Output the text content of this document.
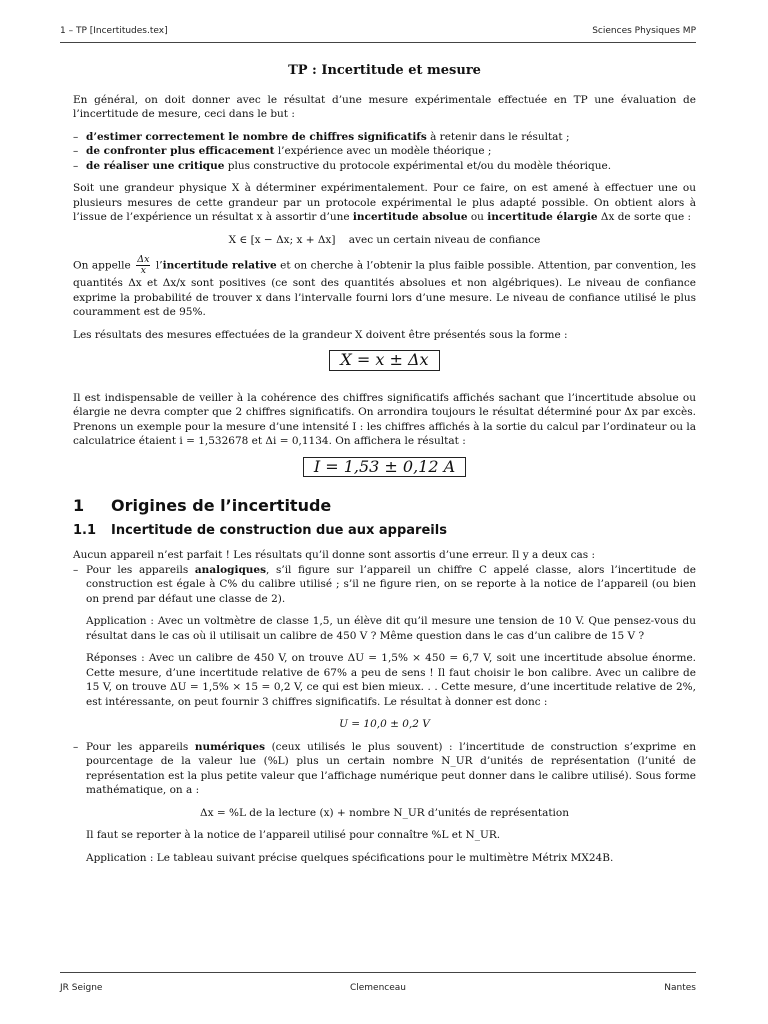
1 – TP [Incertitudes.tex]	Sciences Physiques MP
TP : Incertitude et mesure

En général, on doit donner avec le résultat d’une mesure expérimentale effectuée en TP une évaluation de l’incertitude de mesure, ceci dans le but :

– d’estimer correctement le nombre de chiffres significatifs à retenir dans le résultat ;
– de confronter plus efficacement l’expérience avec un modèle théorique ;
– de réaliser une critique plus constructive du protocole expérimental et/ou du modèle théorique.

Soit une grandeur physique X à déterminer expérimentalement. Pour ce faire, on est amené à effectuer une ou plusieurs mesures de cette grandeur par un protocole expérimental le plus adapté possible. On obtient alors à l’issue de l’expérience un résultat x à assortir d’une incertitude absolue ou incertitude élargie Δx de sorte que :

X ∈ [x − Δx; x + Δx]    avec un certain niveau de confiance

On appelle $\frac{\Delta x}{x}$ l’incertitude relative et on cherche à l’obtenir la plus faible possible. Attention, par convention, les quantités Δx et Δx/x sont positives (ce sont des quantités absolues et non algébriques). Le niveau de confiance exprime la probabilité de trouver x dans l’intervalle fourni lors d’une mesure. Le niveau de confiance utilisé le plus couramment est de 95%.

Les résultats des mesures effectuées de la grandeur X doivent être présentés sous la forme :

X = x ± Δx

Il est indispensable de veiller à la cohérence des chiffres significatifs affichés sachant que l’incertitude absolue ou élargie ne devra compter que 2 chiffres significatifs. On arrondira toujours le résultat déterminé pour Δx par excès. Prenons un exemple pour la mesure d’une intensité I : les chiffres affichés à la sortie du calcul par l’ordinateur ou la calculatrice étaient i = 1,532678 et Δi = 0,1134. On affichera le résultat :

I = 1,53 ± 0,12 A
1 Origines de l’incertitude
1.1 Incertitude de construction due aux appareils

Aucun appareil n’est parfait ! Les résultats qu’il donne sont assortis d’une erreur. Il y a deux cas :

– Pour les appareils analogiques, s’il figure sur l’appareil un chiffre C appelé classe, alors l’incertitude de construction est égale à C% du calibre utilisé ; s’il ne figure rien, on se reporte à la notice de l’appareil (ou bien on prend par défaut une classe de 2).

Application : Avec un voltmètre de classe 1,5, un élève dit qu’il mesure une tension de 10 V. Que pensez-vous du résultat dans le cas où il utilisait un calibre de 450 V ? Même question dans le cas d’un calibre de 15 V ?

Réponses : Avec un calibre de 450 V, on trouve ΔU = 1,5% × 450 = 6,7 V, soit une incertitude absolue énorme. Cette mesure, d’une incertitude relative de 67% a peu de sens ! Il faut choisir le bon calibre. Avec un calibre de 15 V, on trouve ΔU = 1,5% × 15 = 0,2 V, ce qui est bien mieux. . . Cette mesure, d’une incertitude relative de 2%, est intéressante, on peut fournir 3 chiffres significatifs. Le résultat à donner est donc :

U = 10,0 ± 0,2 V
– Pour les appareils numériques (ceux utilisés le plus souvent) : l’incertitude de construction s’exprime en pourcentage de la valeur lue (%L) plus un certain nombre N_UR d’unités de représentation (l’unité de représentation est la plus petite valeur que l’affichage numérique peut donner dans le calibre utilisé). Sous forme mathématique, on a :
Δx = %L de la lecture (x) + nombre N_UR d’unités de représentation

Il faut se reporter à la notice de l’appareil utilisé pour connaître %L et N_UR.

Application : Le tableau suivant précise quelques spécifications pour le multimètre Métrix MX24B.

JR Seigne	Clemenceau	Nantes
